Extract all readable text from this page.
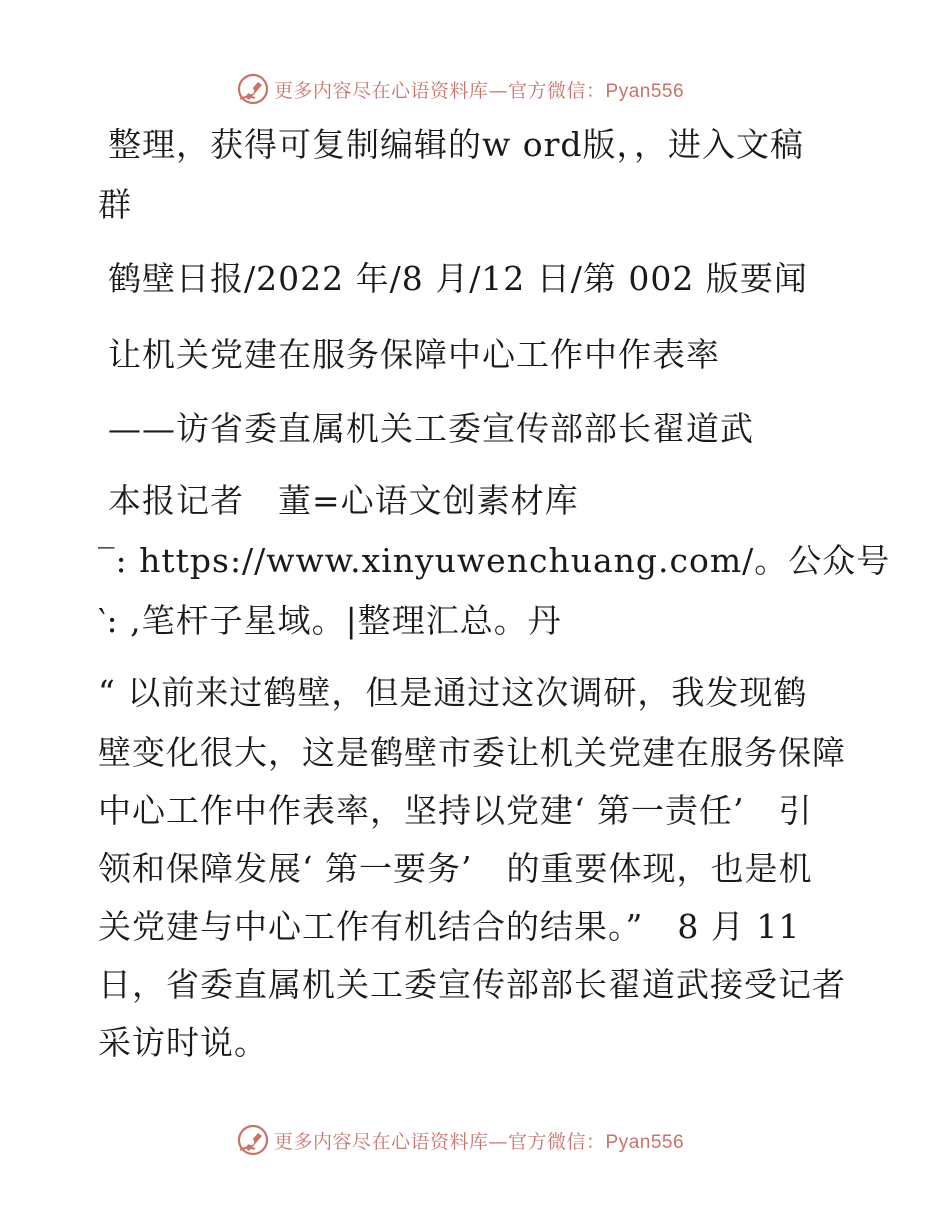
更多内容尽在心语资料库—官方微信：Pyan556
整理，获得可复制编辑的w ord版，，进入文稿
群
鹤壁日报/2022 年/8 月/12 日/第 002 版要闻
让机关党建在服务保障中心工作中作表率
——访省委直属机关工委宣传部部长翟道武
本报记者　董=心语文创素材库
‾: https://www.xinyuwenchuang.com/。公众号
‵: ,笔杆子星域。|整理汇总。丹
“ 以前来过鹤壁，但是通过这次调研，我发现鹤
壁变化很大，这是鹤壁市委让机关党建在服务保障
中心工作中作表率，坚持以党建‘ 第一责任’　引
领和保障发展‘ 第一要务’　的重要体现，也是机
关党建与中心工作有机结合的结果。”　8 月 11
日，省委直属机关工委宣传部部长翟道武接受记者
采访时说。
更多内容尽在心语资料库—官方微信：Pyan556
